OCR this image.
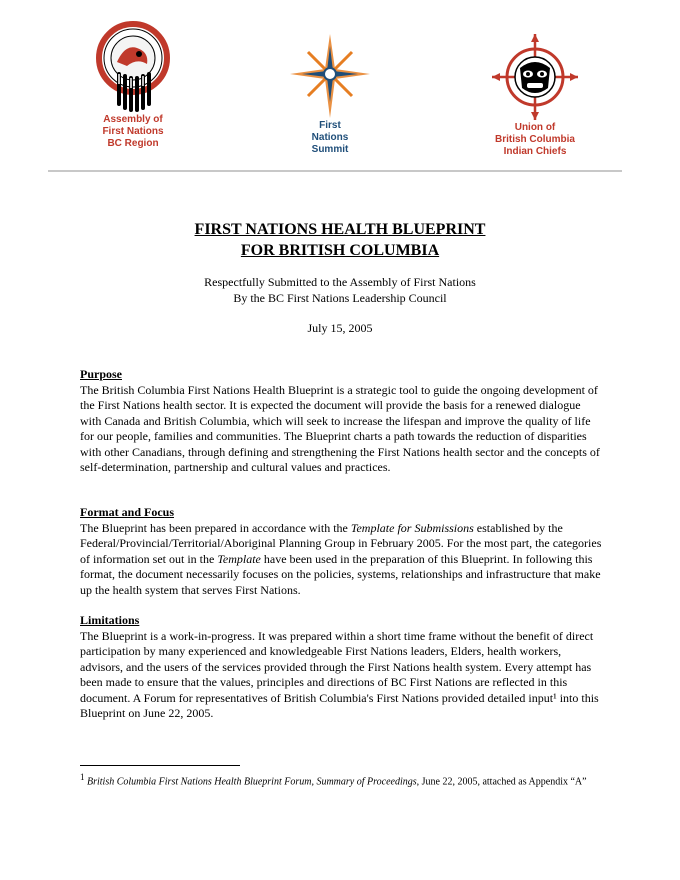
Assembly of
First Nations
BC Region
First
Nations
Summit
Union of
British Columbia
Indian Chiefs
FIRST NATIONS HEALTH BLUEPRINT
FOR BRITISH COLUMBIA
Respectfully Submitted to the Assembly of First Nations
By the BC First Nations Leadership Council
July 15, 2005
Purpose

The British Columbia First Nations Health Blueprint is a strategic tool to guide the ongoing development of the First Nations health sector. It is expected the document will provide the basis for a renewed dialogue with Canada and British Columbia, which will seek to increase the lifespan and improve the quality of life for our people, families and communities. The Blueprint charts a path towards the reduction of disparities with other Canadians, through defining and strengthening the First Nations health sector and the concepts of self-determination, partnership and cultural values and practices.

Format and Focus

The Blueprint has been prepared in accordance with the Template for Submissions established by the Federal/Provincial/Territorial/Aboriginal Planning Group in February 2005. For the most part, the categories of information set out in the Template have been used in the preparation of this Blueprint. In following this format, the document necessarily focuses on the policies, systems, relationships and infrastructure that make up the health system that serves First Nations.

Limitations

The Blueprint is a work-in-progress. It was prepared within a short time frame without the benefit of direct participation by many experienced and knowledgeable First Nations leaders, Elders, health workers, advisors, and the users of the services provided through the First Nations health system. Every attempt has been made to ensure that the values, principles and directions of BC First Nations are reflected in this document. A Forum for representatives of British Columbia's First Nations provided detailed input¹ into this Blueprint on June 22, 2005.

$^1$ British Columbia First Nations Health Blueprint Forum, Summary of Proceedings, June 22, 2005, attached as Appendix “A”
